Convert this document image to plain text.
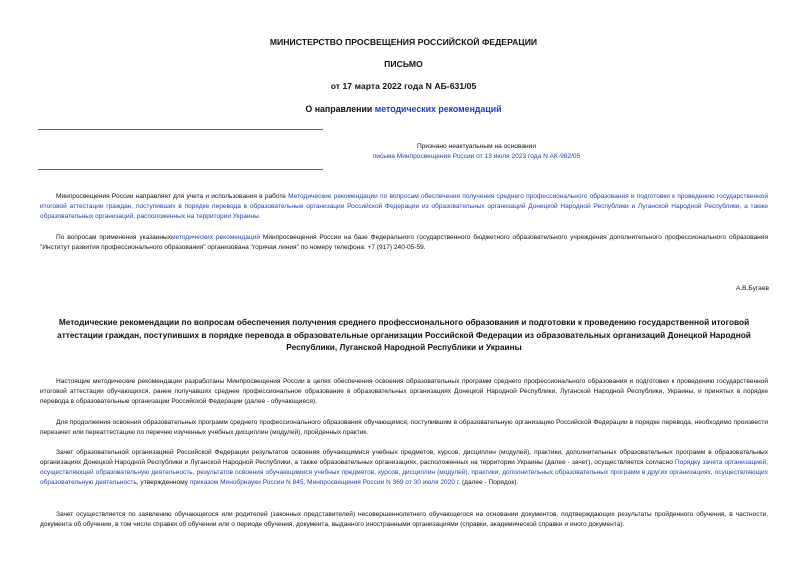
МИНИСТЕРСТВО ПРОСВЕЩЕНИЯ РОССИЙСКОЙ ФЕДЕРАЦИИ
ПИСЬМО
от 17 марта 2022 года N АБ-631/05
О направлении методических рекомендаций
Признано неактуальным на основании
письма Минпросвещения России от 13 июля 2023 года N АК-982/05
Минпросвещения России направляет для учета и использования в работе Методические рекомендации по вопросам обеспечения получения среднего профессионального образования и подготовки к проведению государственной итоговой аттестации граждан, поступивших в порядке перевода в образовательные организации Российской Федерации из образовательных организаций Донецкой Народной Республики и Луганской Народной Республики, а также образовательных организаций, расположенных на территории Украины.
По вопросам применения указанныхметодических рекомендаций Минпросвещения России на базе Федерального государственного бюджетного образовательного учреждения дополнительного профессионального образования "Институт развития профессионального образования" организована "горячая линия" по номеру телефона: +7 (917) 240-05-59.
А.В.Бугаев
Методические рекомендации по вопросам обеспечения получения среднего профессионального образования и подготовки к проведению государственной итоговой аттестации граждан, поступивших в порядке перевода в образовательные организации Российской Федерации из образовательных организаций Донецкой Народной Республики, Луганской Народной Республики и Украины
Настоящие методические рекомендации разработаны Минпросвещения России в целях обеспечения освоения образовательных программ среднего профессионального образования и подготовки к проведению государственной итоговой аттестации обучающихся, ранее получавших среднее профессиональное образование в образовательных организациях Донецкой Народной Республики, Луганской Народной Республики, Украины, и принятых в порядке перевода в образовательные организации Российской Федерации (далее - обучающиеся).
Для продолжения освоения образовательных программ среднего профессионального образования обучающимся, поступившим в образовательную организацию Российской Федерации в порядке перевода, необходимо произвести перезачет или переаттестацию по перечню изученных учебных дисциплин (модулей), пройденных практик.
Зачет образовательной организацией Российской Федерации результатов освоения обучающимися учебных предметов, курсов, дисциплин (модулей), практики, дополнительных образовательных программ в образовательных организациях Донецкой Народной Республики и Луганской Народной Республики, а также образовательных организациях, расположенных на территории Украины (далее - зачет), осуществляется согласно Порядку зачета организацией, осуществляющей образовательную деятельность, результатов освоения обучающимися учебных предметов, курсов, дисциплин (модулей), практики, дополнительных образовательных программ в других организациях, осуществляющих образовательную деятельность, утвержденному приказом Минобрнауки России N 845, Минпросвещения России N 369 от 30 июля 2020 г. (далее - Порядок).
Зачет осуществляется по заявлению обучающегося или родителей (законных представителей) несовершеннолетнего обучающегося на основании документов, подтверждающих результаты пройденного обучения, в частности, документа об обучении, в том числе справки об обучении или о периоде обучения, документа, выданного иностранными организациями (справки, академической справки и иного документа).
